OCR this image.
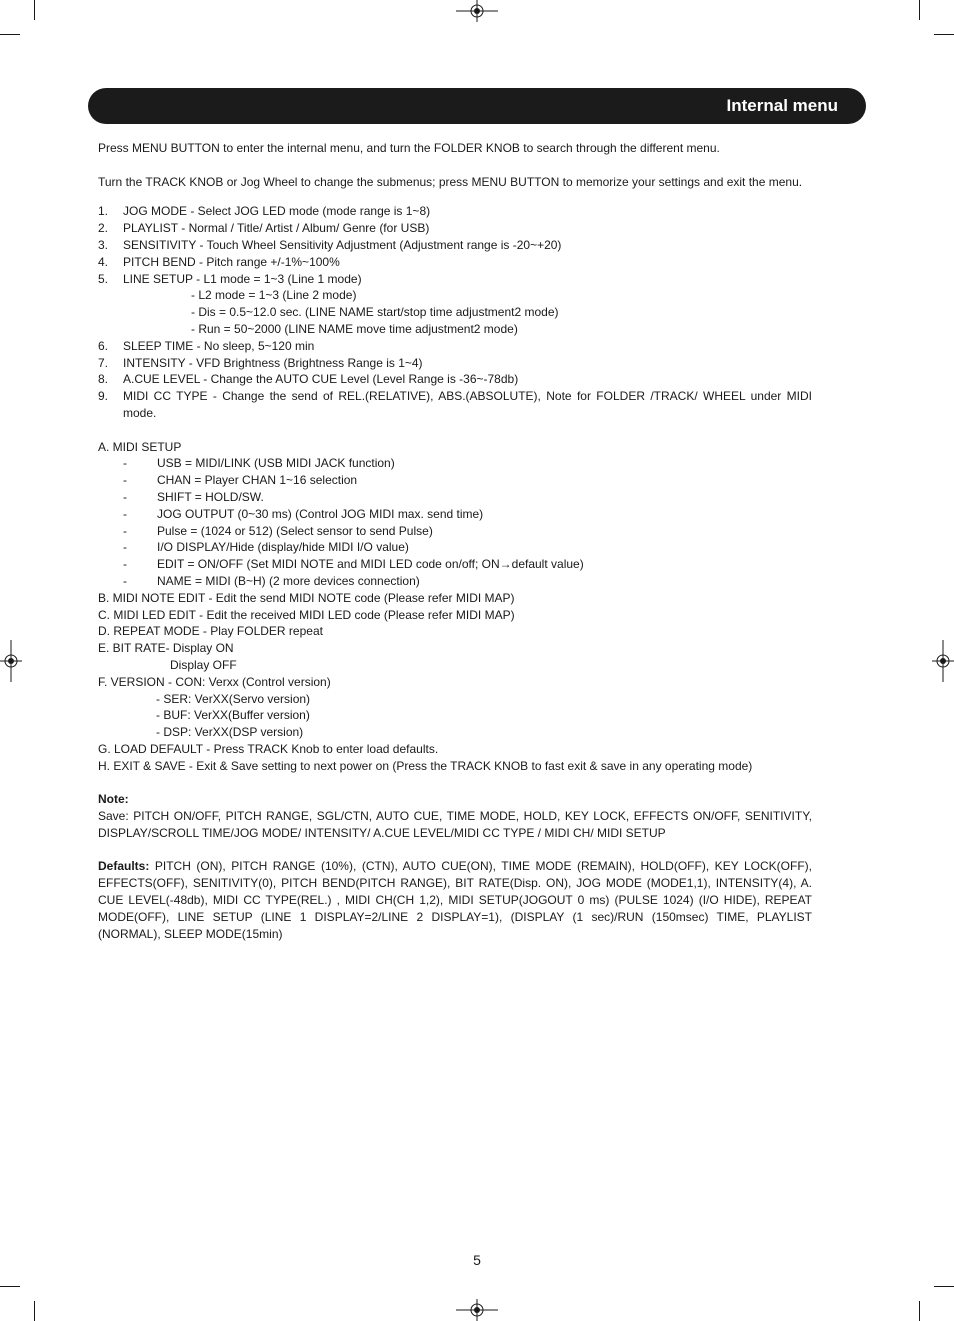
Internal menu

Press MENU BUTTON to enter the internal menu, and turn the FOLDER KNOB to search through the different menu.

Turn the TRACK KNOB or Jog Wheel to change the submenus; press MENU BUTTON to memorize your settings and exit the menu.

1.	JOG MODE - Select JOG LED mode (mode range is 1~8)
2.	PLAYLIST - Normal / Title/ Artist / Album/ Genre (for USB)
3.	SENSITIVITY - Touch Wheel Sensitivity Adjustment (Adjustment range is -20~+20)
4.	PITCH BEND - Pitch range +/-1%~100%
5.	LINE SETUP - L1 mode = 1~3 (Line 1 mode)
- L2 mode = 1~3 (Line 2 mode)
- Dis = 0.5~12.0 sec. (LINE NAME start/stop time adjustment2 mode)
- Run = 50~2000 (LINE NAME move time adjustment2 mode)
6.	SLEEP TIME - No sleep, 5~120 min
7.	INTENSITY - VFD Brightness (Brightness Range is 1~4)
8.	A.CUE LEVEL - Change the AUTO CUE Level (Level Range is -36~-78db)
9.	MIDI CC TYPE - Change the send of REL.(RELATIVE), ABS.(ABSOLUTE), Note for FOLDER /TRACK/ WHEEL under MIDI mode.
A. MIDI SETUP
-	USB = MIDI/LINK (USB MIDI JACK function)
-	CHAN = Player CHAN 1~16 selection
-	SHIFT = HOLD/SW.
-	JOG OUTPUT (0~30 ms) (Control JOG MIDI max. send time)
-	Pulse = (1024 or 512) (Select sensor to send Pulse)
-	I/O DISPLAY/Hide (display/hide MIDI I/O value)
-	EDIT = ON/OFF (Set MIDI NOTE and MIDI LED code on/off; ON→default value)
-	NAME = MIDI (B~H) (2 more devices connection)
B. MIDI NOTE EDIT - Edit the send MIDI NOTE code (Please refer MIDI MAP)
C. MIDI LED EDIT - Edit the received MIDI LED code (Please refer MIDI MAP)
D. REPEAT MODE - Play FOLDER repeat
E. BIT RATE- Display ON
Display OFF
F. VERSION - CON: Verxx (Control version)
- SER: VerXX(Servo version)
- BUF: VerXX(Buffer version)
- DSP: VerXX(DSP version)
G. LOAD DEFAULT - Press TRACK Knob to enter load defaults.
H. EXIT & SAVE - Exit & Save setting to next power on (Press the TRACK KNOB to fast exit & save in any operating mode)
Note:

Save: PITCH ON/OFF, PITCH RANGE, SGL/CTN, AUTO CUE, TIME MODE, HOLD, KEY LOCK, EFFECTS ON/OFF, SENITIVITY, DISPLAY/SCROLL TIME/JOG MODE/ INTENSITY/ A.CUE LEVEL/MIDI CC TYPE / MIDI CH/ MIDI SETUP

Defaults: PITCH (ON), PITCH RANGE (10%), (CTN), AUTO CUE(ON), TIME MODE (REMAIN), HOLD(OFF), KEY LOCK(OFF), EFFECTS(OFF), SENITIVITY(0), PITCH BEND(PITCH RANGE), BIT RATE(Disp. ON), JOG MODE (MODE1,1), INTENSITY(4), A. CUE LEVEL(-48db), MIDI CC TYPE(REL.) , MIDI CH(CH 1,2), MIDI SETUP(JOGOUT 0 ms) (PULSE 1024) (I/O HIDE), REPEAT MODE(OFF), LINE SETUP (LINE 1 DISPLAY=2/LINE 2 DISPLAY=1), (DISPLAY (1 sec)/RUN (150msec) TIME, PLAYLIST (NORMAL), SLEEP MODE(15min)

5
